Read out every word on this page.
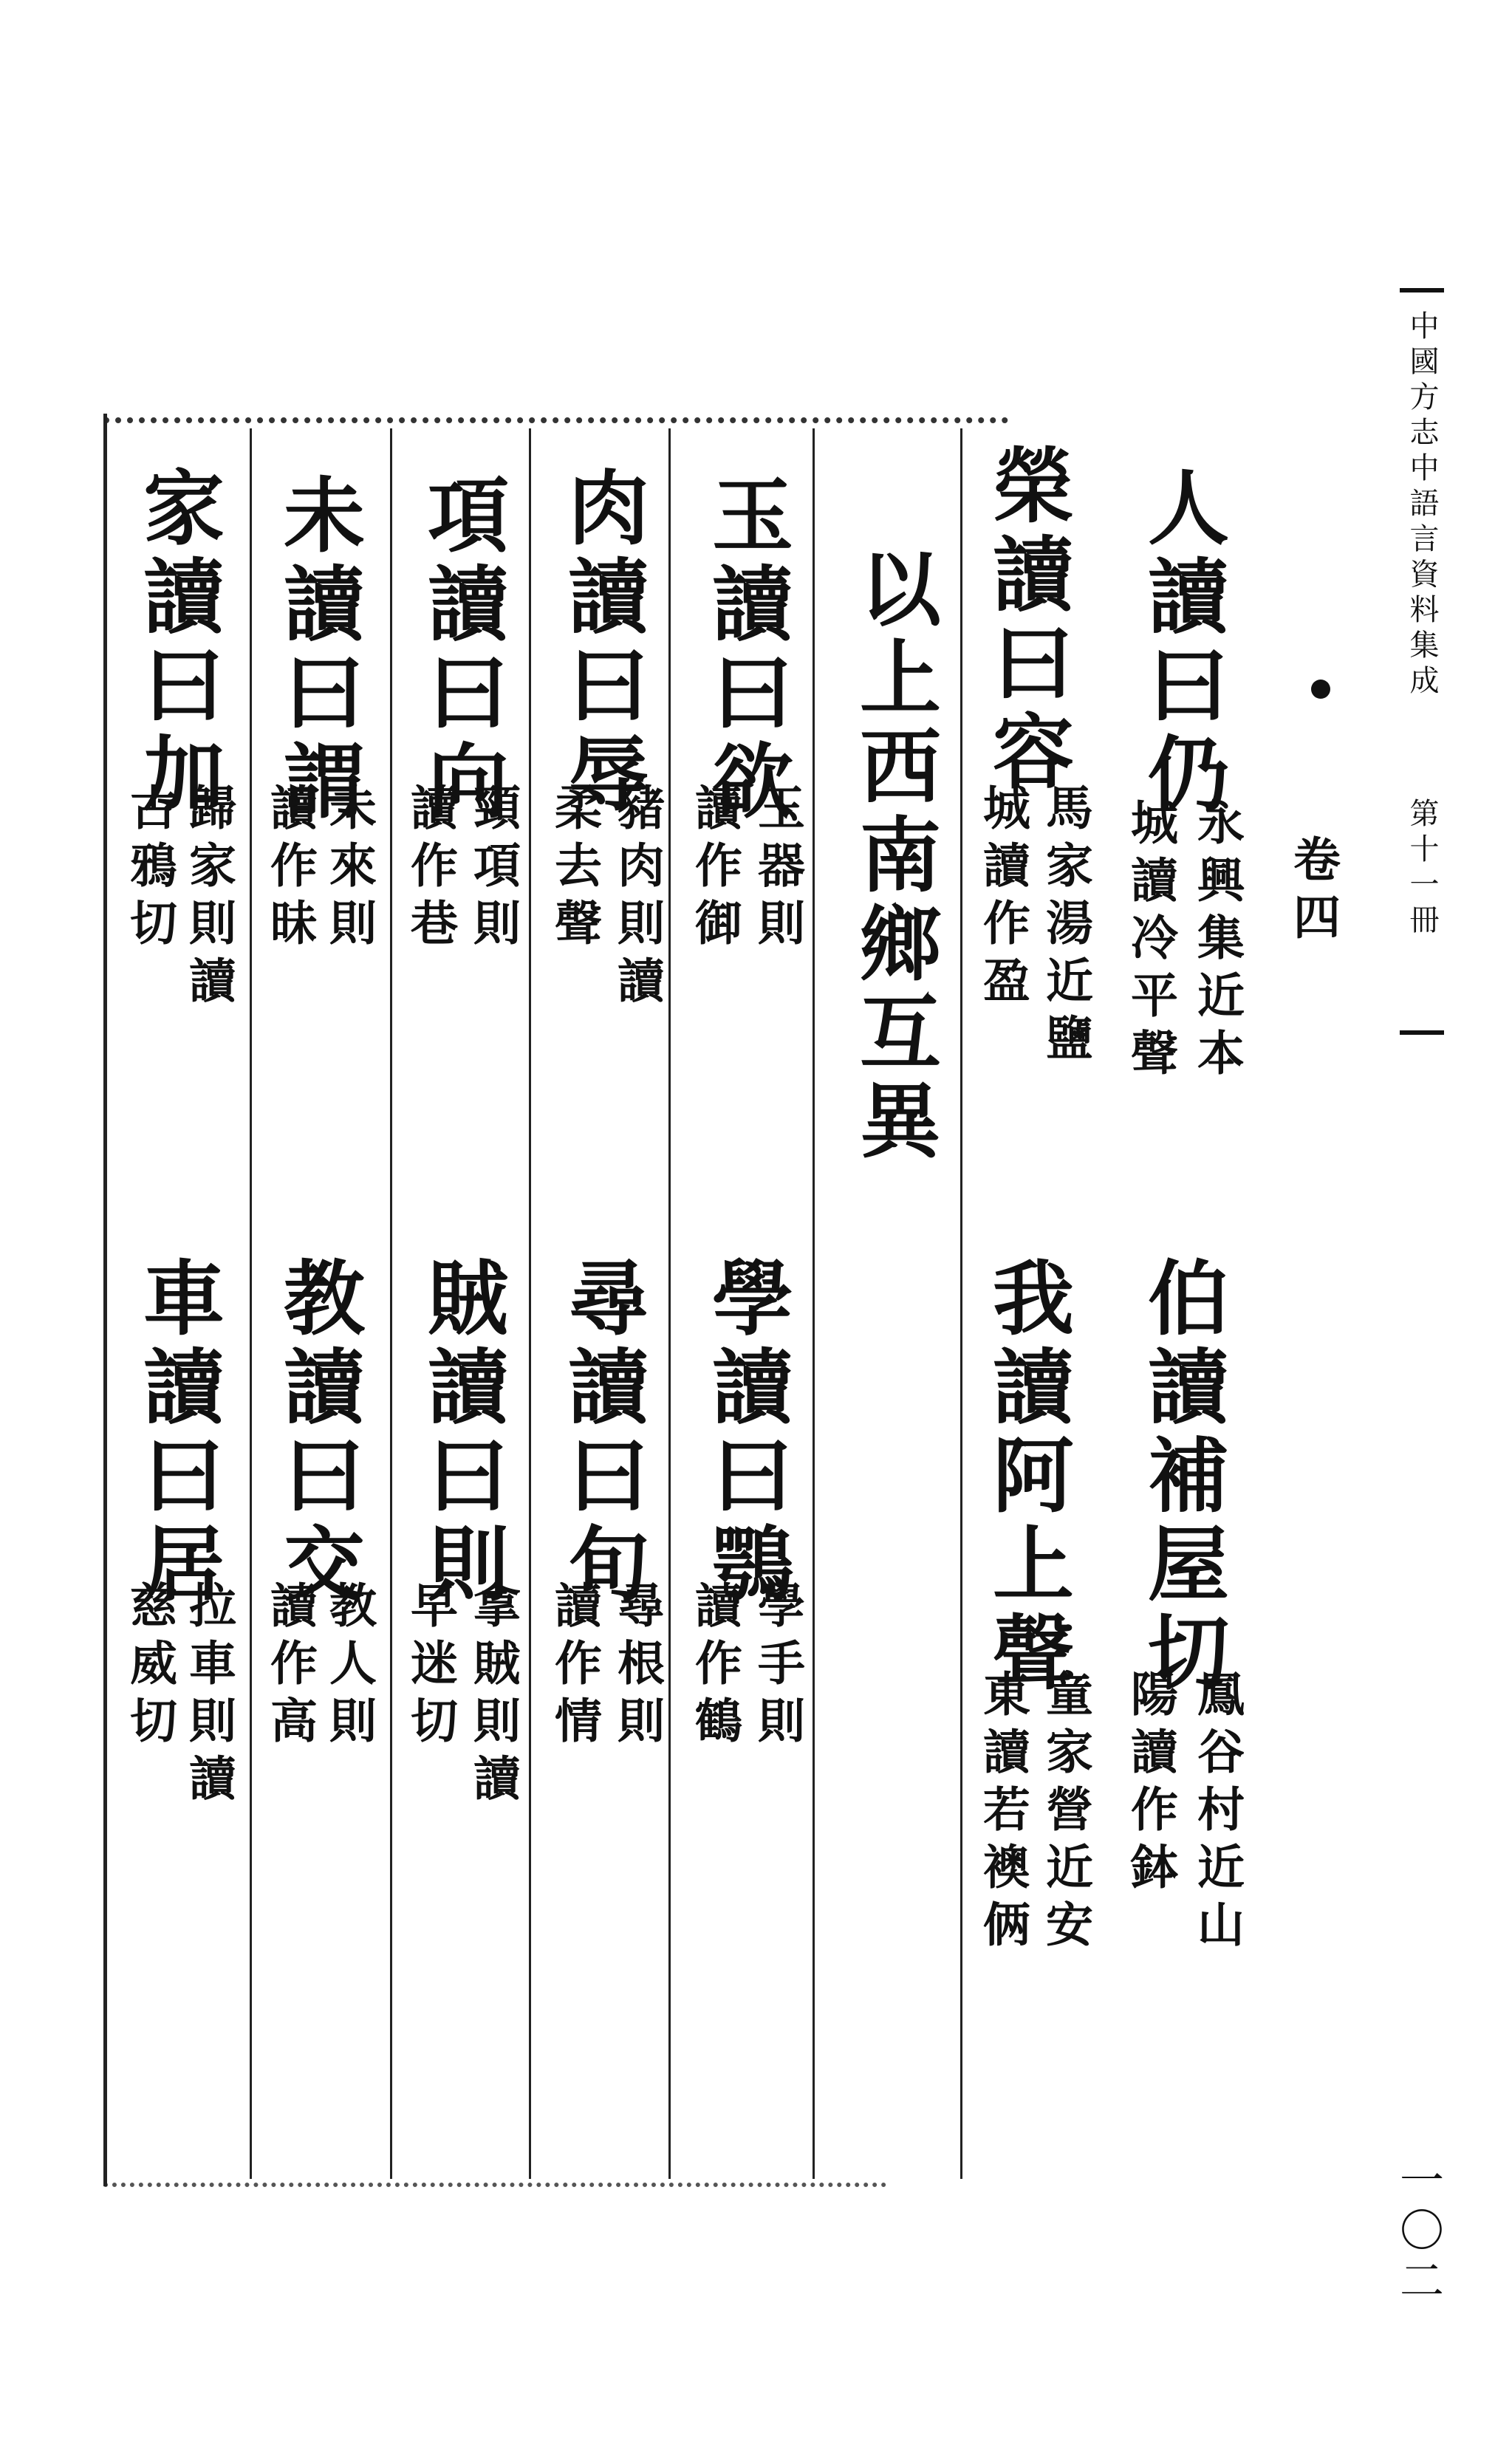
中國方志中語言資料集成
第十一冊
一〇二
卷四
人讀曰仍
永興集近本
城讀冷平聲
榮讀曰容
馬家湯近鹽
城讀作盈
以上西南鄉互異
玉讀曰欲
玉器則
讀作御
肉讀曰辱
豬肉則讀
柔去聲
項讀曰向
頸項則
讀作巷
未讀曰謂
未來則
讀作昧
家讀曰加
歸家則讀
古鴉切
伯讀補屋切
鳳谷村近山
陽讀作鉢
我讀阿上聲
童家營近安
東讀若襖俩
學讀曰鶚
學手則
讀作鶴
尋讀曰旬
尋根則
讀作情
賊讀曰則
拿賊則讀
早迷切
教讀曰交
教人則
讀作高
車讀曰居
拉車則讀
慈威切
